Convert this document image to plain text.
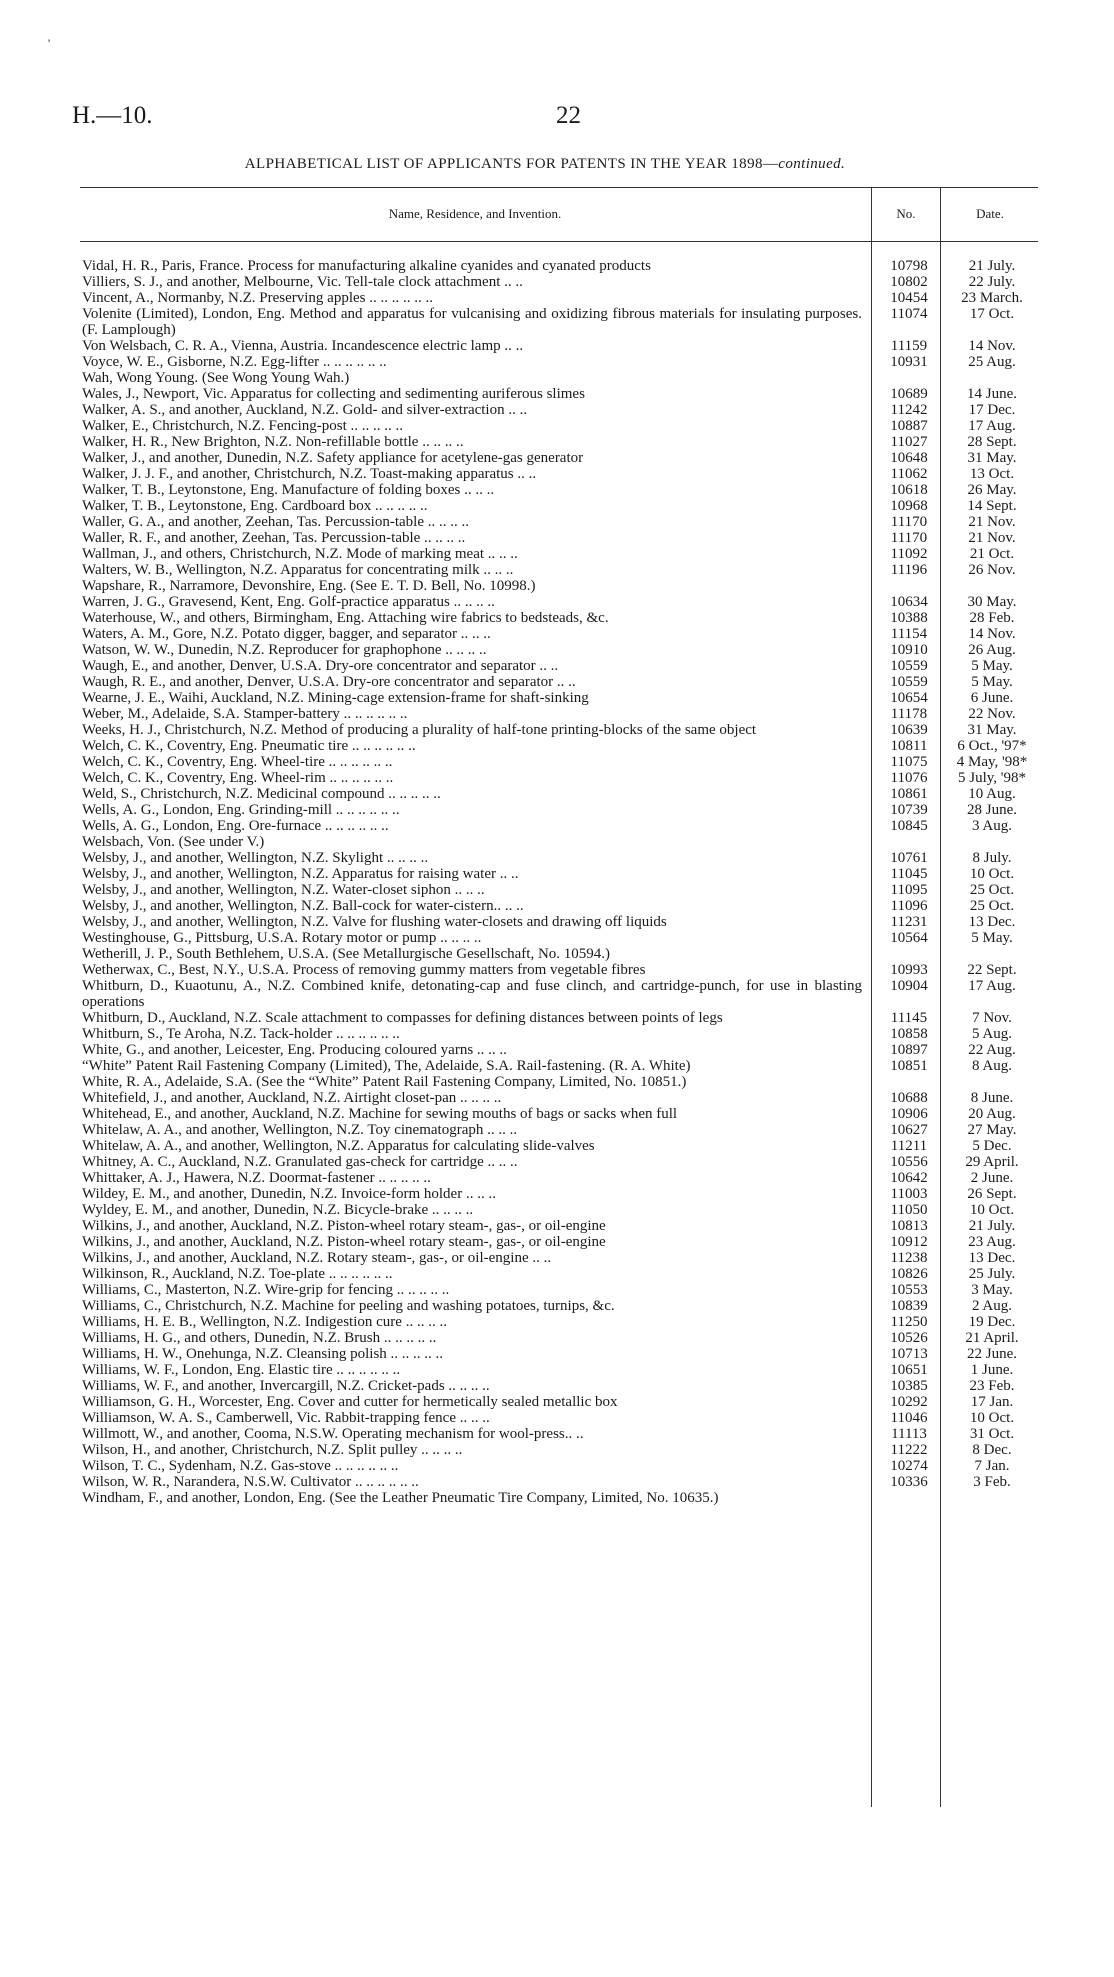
'
H.—10.	22
ALPHABETICAL LIST OF APPLICANTS FOR PATENTS IN THE YEAR 1898—continued.
Name, Residence, and Invention.	No.	Date.
Vidal, H. R., Paris, France. Process for manufacturing alkaline cyanides and cyanated products	10798	21 July.
Villiers, S. J., and another, Melbourne, Vic. Tell-tale clock attachment .. ..	10802	22 July.
Vincent, A., Normanby, N.Z. Preserving apples .. .. .. .. .. ..	10454	23 March.
Volenite (Limited), London, Eng. Method and apparatus for vulcanising and oxidizing fibrous materials for insulating purposes. (F. Lamplough)
11074	17 Oct.
Von Welsbach, C. R. A., Vienna, Austria. Incandescence electric lamp .. ..	11159	14 Nov.
Voyce, W. E., Gisborne, N.Z. Egg-lifter .. .. .. .. .. ..	10931	25 Aug.
Wah, Wong Young. (See Wong Young Wah.)
Wales, J., Newport, Vic. Apparatus for collecting and sedimenting auriferous slimes	10689	14 June.
Walker, A. S., and another, Auckland, N.Z. Gold- and silver-extraction .. ..	11242	17 Dec.
Walker, E., Christchurch, N.Z. Fencing-post .. .. .. .. ..	10887	17 Aug.
Walker, H. R., New Brighton, N.Z. Non-refillable bottle .. .. .. ..	11027	28 Sept.
Walker, J., and another, Dunedin, N.Z. Safety appliance for acetylene-gas generator	10648	31 May.
Walker, J. J. F., and another, Christchurch, N.Z. Toast-making apparatus .. ..	11062	13 Oct.
Walker, T. B., Leytonstone, Eng. Manufacture of folding boxes .. .. ..	10618	26 May.
Walker, T. B., Leytonstone, Eng. Cardboard box .. .. .. .. ..	10968	14 Sept.
Waller, G. A., and another, Zeehan, Tas. Percussion-table .. .. .. ..	11170	21 Nov.
Waller, R. F., and another, Zeehan, Tas. Percussion-table .. .. .. ..	11170	21 Nov.
Wallman, J., and others, Christchurch, N.Z. Mode of marking meat .. .. ..	11092	21 Oct.
Walters, W. B., Wellington, N.Z. Apparatus for concentrating milk .. .. ..	11196	26 Nov.
Wapshare, R., Narramore, Devonshire, Eng. (See E. T. D. Bell, No. 10998.)
Warren, J. G., Gravesend, Kent, Eng. Golf-practice apparatus .. .. .. ..	10634	30 May.
Waterhouse, W., and others, Birmingham, Eng. Attaching wire fabrics to bedsteads, &c.	10388	28 Feb.
Waters, A. M., Gore, N.Z. Potato digger, bagger, and separator .. .. ..	11154	14 Nov.
Watson, W. W., Dunedin, N.Z. Reproducer for graphophone .. .. .. ..	10910	26 Aug.
Waugh, E., and another, Denver, U.S.A. Dry-ore concentrator and separator .. ..	10559	5 May.
Waugh, R. E., and another, Denver, U.S.A. Dry-ore concentrator and separator .. ..	10559	5 May.
Wearne, J. E., Waihi, Auckland, N.Z. Mining-cage extension-frame for shaft-sinking	10654	6 June.
Weber, M., Adelaide, S.A. Stamper-battery .. .. .. .. .. ..	11178	22 Nov.
Weeks, H. J., Christchurch, N.Z. Method of producing a plurality of half-tone printing-blocks of the same object	10639	31 May.
Welch, C. K., Coventry, Eng. Pneumatic tire .. .. .. .. .. ..	10811	6 Oct., '97*
Welch, C. K., Coventry, Eng. Wheel-tire .. .. .. .. .. ..	11075	4 May, '98*
Welch, C. K., Coventry, Eng. Wheel-rim .. .. .. .. .. ..	11076	5 July, '98*
Weld, S., Christchurch, N.Z. Medicinal compound .. .. .. .. ..	10861	10 Aug.
Wells, A. G., London, Eng. Grinding-mill .. .. .. .. .. ..	10739	28 June.
Wells, A. G., London, Eng. Ore-furnace .. .. .. .. .. ..	10845	3 Aug.
Welsbach, Von. (See under V.)
Welsby, J., and another, Wellington, N.Z. Skylight .. .. .. ..	10761	8 July.
Welsby, J., and another, Wellington, N.Z. Apparatus for raising water .. ..	11045	10 Oct.
Welsby, J., and another, Wellington, N.Z. Water-closet siphon .. .. ..	11095	25 Oct.
Welsby, J., and another, Wellington, N.Z. Ball-cock for water-cistern.. .. ..	11096	25 Oct.
Welsby, J., and another, Wellington, N.Z. Valve for flushing water-closets and drawing off liquids	11231	13 Dec.
Westinghouse, G., Pittsburg, U.S.A. Rotary motor or pump .. .. .. ..	10564	5 May.
Wetherill, J. P., South Bethlehem, U.S.A. (See Metallurgische Gesellschaft, No. 10594.)
Wetherwax, C., Best, N.Y., U.S.A. Process of removing gummy matters from vegetable fibres	10993	22 Sept.
Whitburn, D., Kuaotunu, A., N.Z. Combined knife, detonating-cap and fuse clinch, and cartridge-punch, for use in blasting operations
10904	17 Aug.
Whitburn, D., Auckland, N.Z. Scale attachment to compasses for defining distances between points of legs	11145	7 Nov.
Whitburn, S., Te Aroha, N.Z. Tack-holder .. .. .. .. .. ..	10858	5 Aug.
White, G., and another, Leicester, Eng. Producing coloured yarns .. .. ..	10897	22 Aug.
“White” Patent Rail Fastening Company (Limited), The, Adelaide, S.A. Rail-fastening. (R. A. White)	10851	8 Aug.
White, R. A., Adelaide, S.A. (See the “White” Patent Rail Fastening Company, Limited, No. 10851.)
Whitefield, J., and another, Auckland, N.Z. Airtight closet-pan .. .. .. ..	10688	8 June.
Whitehead, E., and another, Auckland, N.Z. Machine for sewing mouths of bags or sacks when full	10906	20 Aug.
Whitelaw, A. A., and another, Wellington, N.Z. Toy cinematograph .. .. ..	10627	27 May.
Whitelaw, A. A., and another, Wellington, N.Z. Apparatus for calculating slide-valves	11211	5 Dec.
Whitney, A. C., Auckland, N.Z. Granulated gas-check for cartridge .. .. ..	10556	29 April.
Whittaker, A. J., Hawera, N.Z. Doormat-fastener .. .. .. .. ..	10642	2 June.
Wildey, E. M., and another, Dunedin, N.Z. Invoice-form holder .. .. ..	11003	26 Sept.
Wyldey, E. M., and another, Dunedin, N.Z. Bicycle-brake .. .. .. ..	11050	10 Oct.
Wilkins, J., and another, Auckland, N.Z. Piston-wheel rotary steam-, gas-, or oil-engine	10813	21 July.
Wilkins, J., and another, Auckland, N.Z. Piston-wheel rotary steam-, gas-, or oil-engine	10912	23 Aug.
Wilkins, J., and another, Auckland, N.Z. Rotary steam-, gas-, or oil-engine .. ..	11238	13 Dec.
Wilkinson, R., Auckland, N.Z. Toe-plate .. .. .. .. .. ..	10826	25 July.
Williams, C., Masterton, N.Z. Wire-grip for fencing .. .. .. .. ..	10553	3 May.
Williams, C., Christchurch, N.Z. Machine for peeling and washing potatoes, turnips, &c.	10839	2 Aug.
Williams, H. E. B., Wellington, N.Z. Indigestion cure .. .. .. ..	11250	19 Dec.
Williams, H. G., and others, Dunedin, N.Z. Brush .. .. .. .. ..	10526	21 April.
Williams, H. W., Onehunga, N.Z. Cleansing polish .. .. .. .. ..	10713	22 June.
Williams, W. F., London, Eng. Elastic tire .. .. .. .. .. ..	10651	1 June.
Williams, W. F., and another, Invercargill, N.Z. Cricket-pads .. .. .. ..	10385	23 Feb.
Williamson, G. H., Worcester, Eng. Cover and cutter for hermetically sealed metallic box	10292	17 Jan.
Williamson, W. A. S., Camberwell, Vic. Rabbit-trapping fence .. .. ..	11046	10 Oct.
Willmott, W., and another, Cooma, N.S.W. Operating mechanism for wool-press.. ..	11113	31 Oct.
Wilson, H., and another, Christchurch, N.Z. Split pulley .. .. .. ..	11222	8 Dec.
Wilson, T. C., Sydenham, N.Z. Gas-stove .. .. .. .. .. ..	10274	7 Jan.
Wilson, W. R., Narandera, N.S.W. Cultivator .. .. .. .. .. ..	10336	3 Feb.
Windham, F., and another, London, Eng. (See the Leather Pneumatic Tire Company, Limited, No. 10635.)
